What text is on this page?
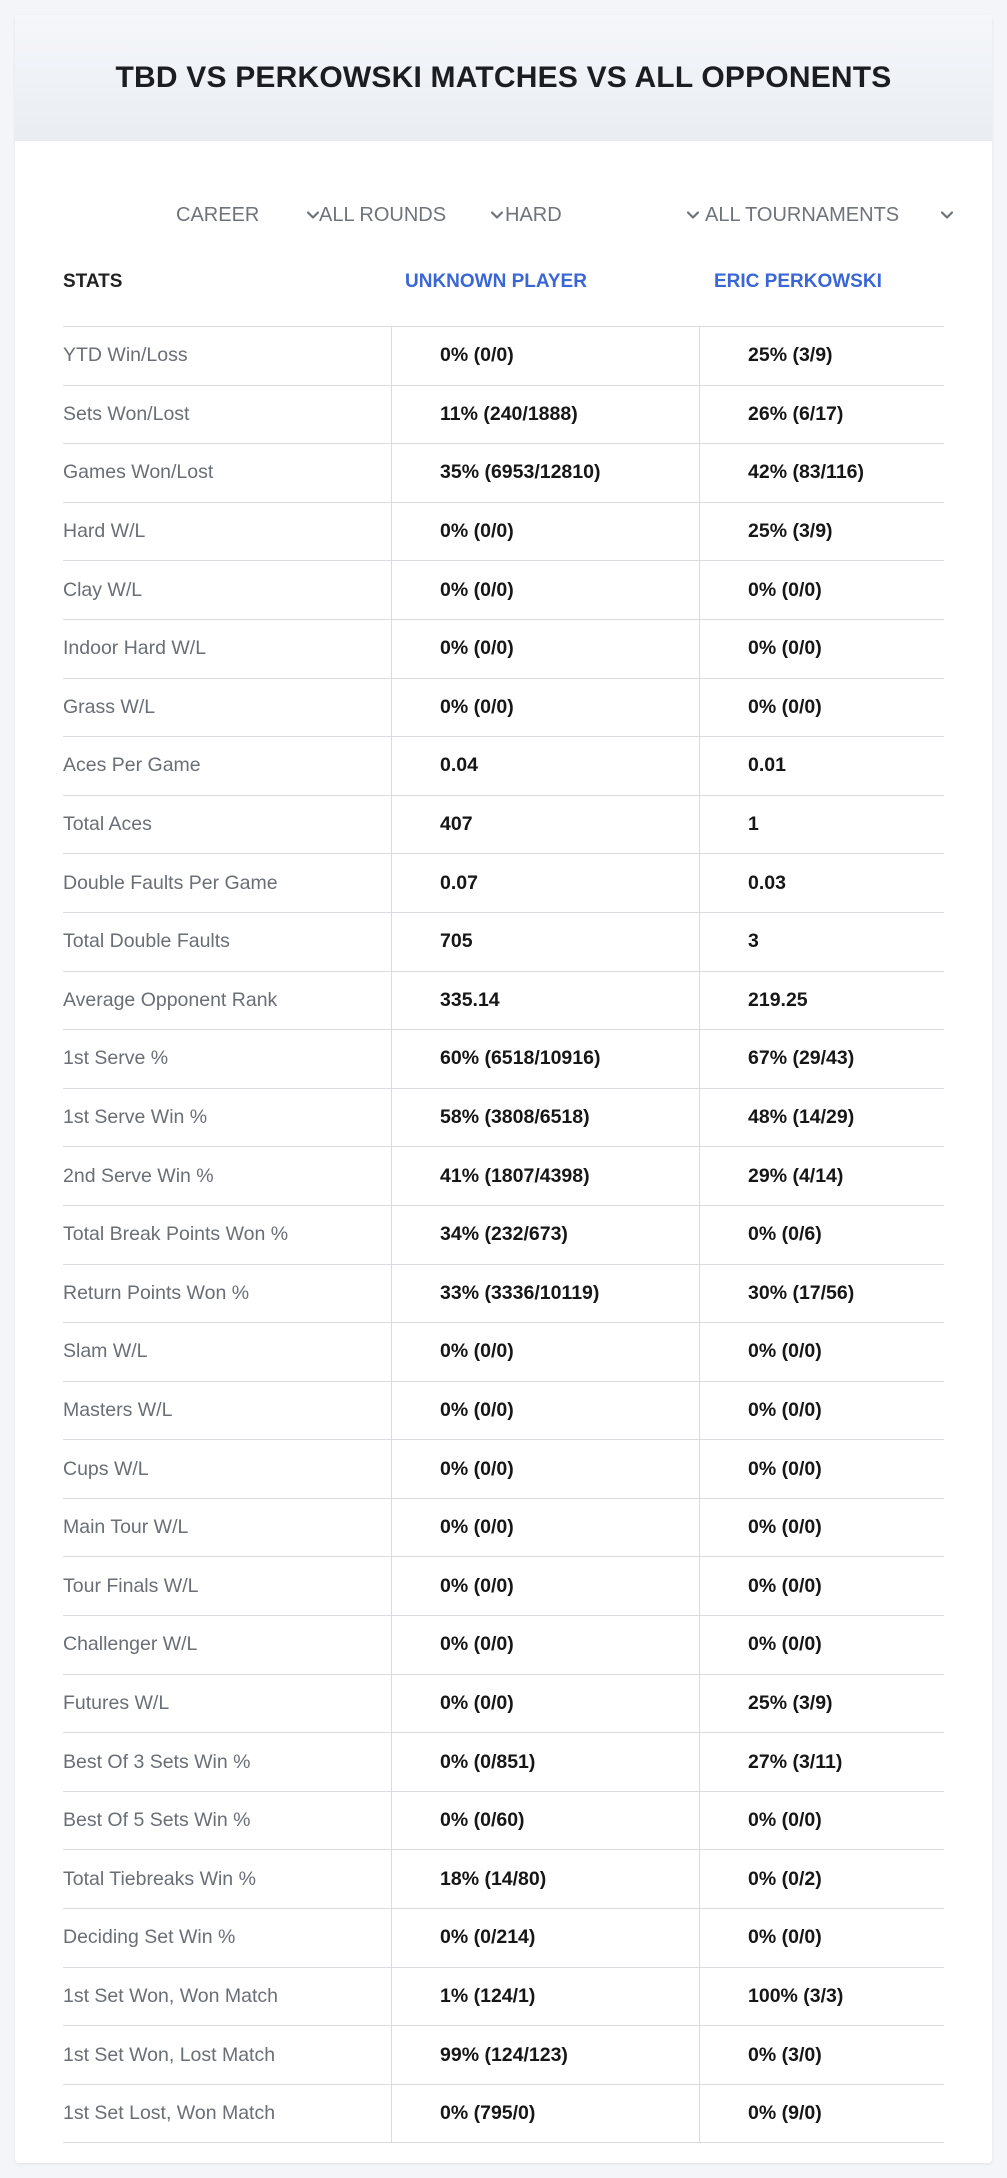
TBD VS PERKOWSKI MATCHES VS ALL OPPONENTS
CAREER	ALL ROUNDS	HARD	ALL TOURNAMENTS
STATS	UNKNOWN PLAYER	ERIC PERKOWSKI
YTD Win/Loss	0% (0/0)	25% (3/9)
Sets Won/Lost	11% (240/1888)	26% (6/17)
Games Won/Lost	35% (6953/12810)	42% (83/116)
Hard W/L	0% (0/0)	25% (3/9)
Clay W/L	0% (0/0)	0% (0/0)
Indoor Hard W/L	0% (0/0)	0% (0/0)
Grass W/L	0% (0/0)	0% (0/0)
Aces Per Game	0.04	0.01
Total Aces	407	1
Double Faults Per Game	0.07	0.03
Total Double Faults	705	3
Average Opponent Rank	335.14	219.25
1st Serve %	60% (6518/10916)	67% (29/43)
1st Serve Win %	58% (3808/6518)	48% (14/29)
2nd Serve Win %	41% (1807/4398)	29% (4/14)
Total Break Points Won %	34% (232/673)	0% (0/6)
Return Points Won %	33% (3336/10119)	30% (17/56)
Slam W/L	0% (0/0)	0% (0/0)
Masters W/L	0% (0/0)	0% (0/0)
Cups W/L	0% (0/0)	0% (0/0)
Main Tour W/L	0% (0/0)	0% (0/0)
Tour Finals W/L	0% (0/0)	0% (0/0)
Challenger W/L	0% (0/0)	0% (0/0)
Futures W/L	0% (0/0)	25% (3/9)
Best Of 3 Sets Win %	0% (0/851)	27% (3/11)
Best Of 5 Sets Win %	0% (0/60)	0% (0/0)
Total Tiebreaks Win %	18% (14/80)	0% (0/2)
Deciding Set Win %	0% (0/214)	0% (0/0)
1st Set Won, Won Match	1% (124/1)	100% (3/3)
1st Set Won, Lost Match	99% (124/123)	0% (3/0)
1st Set Lost, Won Match	0% (795/0)	0% (9/0)
